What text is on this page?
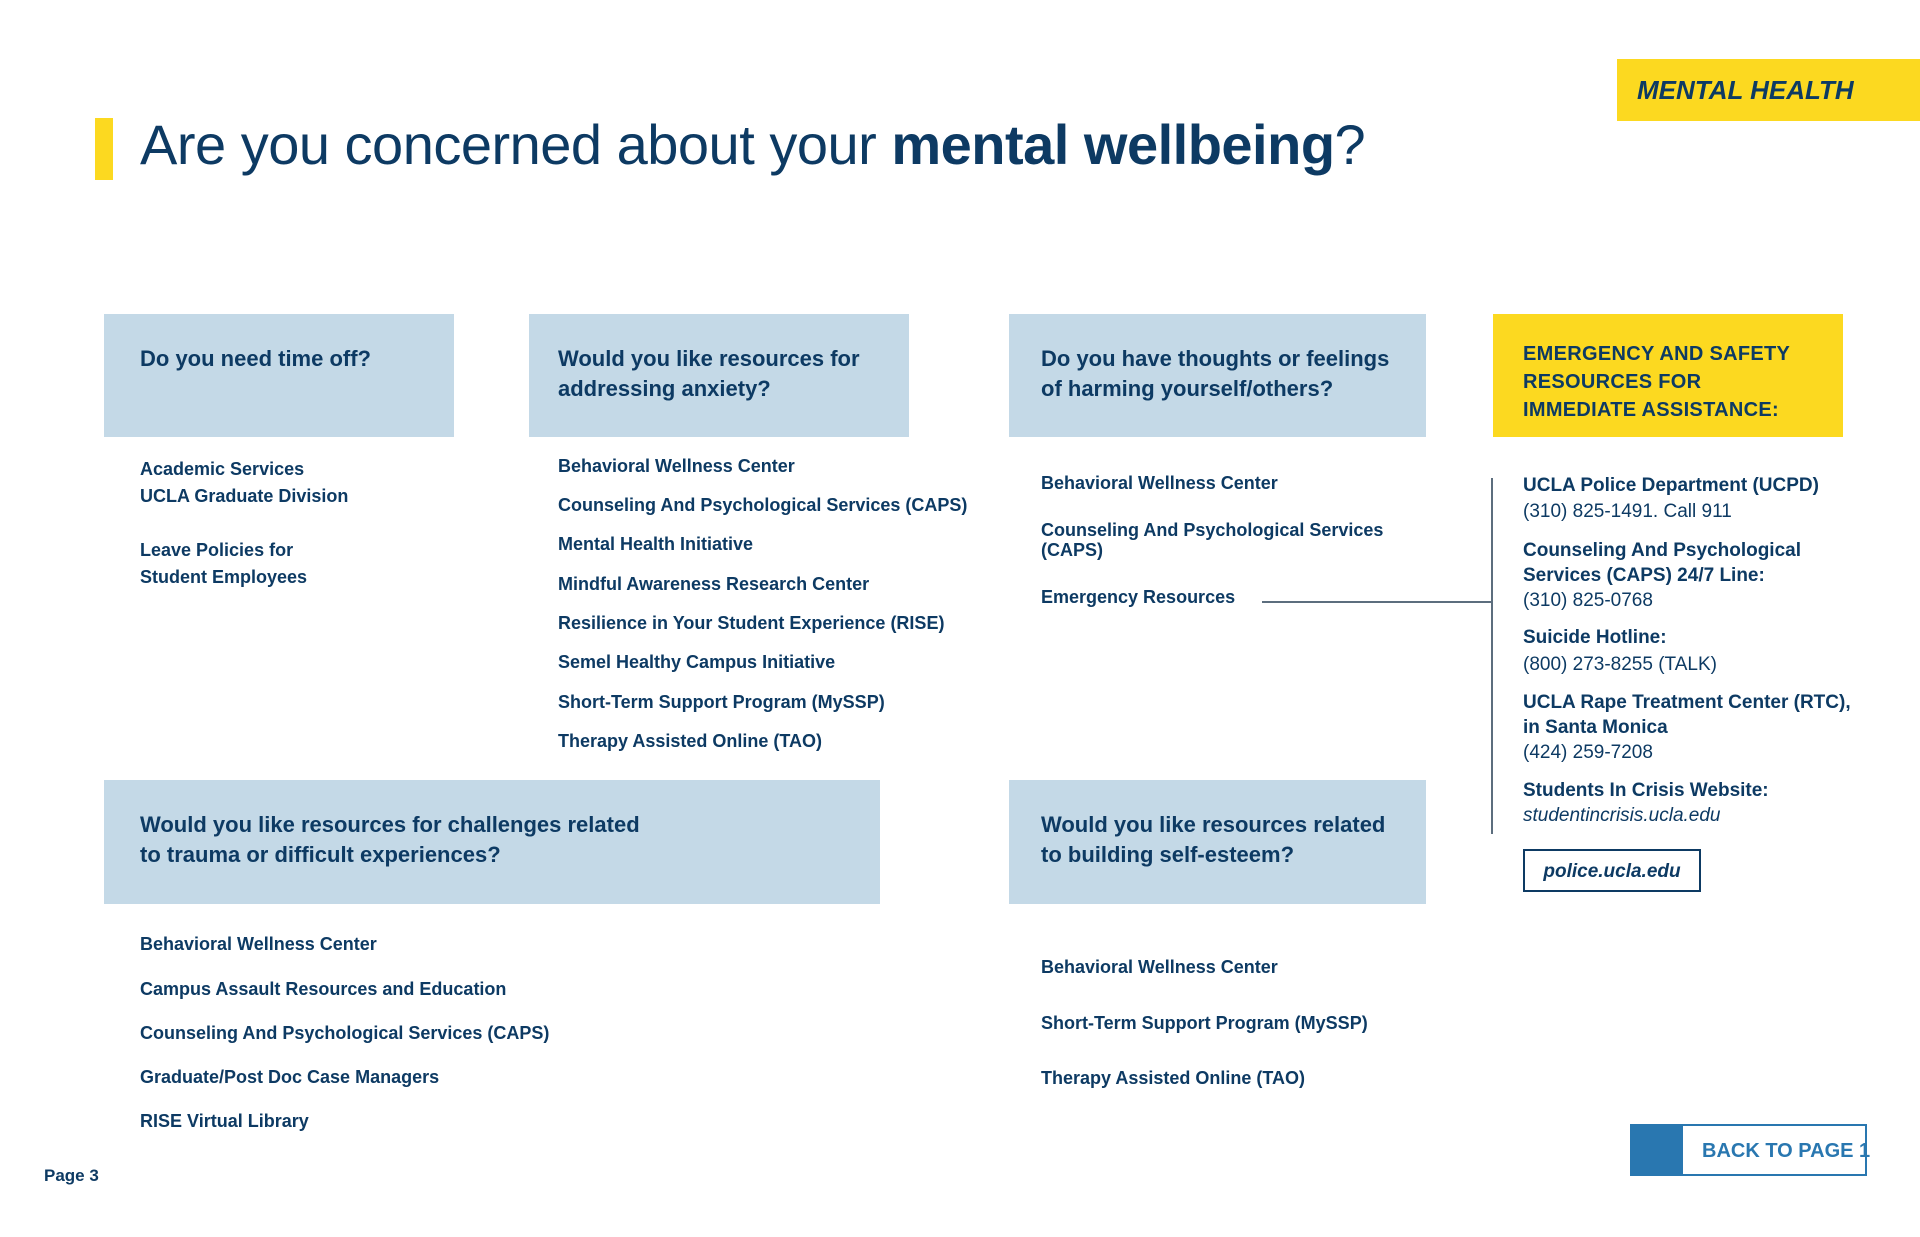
Are you concerned about your mental wellbeing?
MENTAL HEALTH
Do you need time off?
Academic Services
UCLA Graduate Division
Leave Policies for
Student Employees
Would you like resources for
addressing anxiety?
Behavioral Wellness Center
Counseling And Psychological Services (CAPS)
Mental Health Initiative
Mindful Awareness Research Center
Resilience in Your Student Experience (RISE)
Semel Healthy Campus Initiative
Short-Term Support Program (MySSP)
Therapy Assisted Online (TAO)
Do you have thoughts or feelings
of harming yourself/others?
Behavioral Wellness Center
Counseling And Psychological Services
(CAPS)
Emergency Resources
EMERGENCY AND SAFETY
RESOURCES FOR
IMMEDIATE ASSISTANCE:
UCLA Police Department (UCPD)
(310) 825-1491. Call 911
Counseling And Psychological
Services (CAPS) 24/7 Line:
(310) 825-0768
Suicide Hotline:
(800) 273-8255 (TALK)
UCLA Rape Treatment Center (RTC),
in Santa Monica
(424) 259-7208
Students In Crisis Website:
studentincrisis.ucla.edu
police.ucla.edu
Would you like resources for challenges related
to trauma or difficult experiences?
Behavioral Wellness Center
Campus Assault Resources and Education
Counseling And Psychological Services (CAPS)
Graduate/Post Doc Case Managers
RISE Virtual Library
Would you like resources related
to building self-esteem?
Behavioral Wellness Center
Short-Term Support Program (MySSP)
Therapy Assisted Online (TAO)
BACK TO PAGE 1
Page 3
